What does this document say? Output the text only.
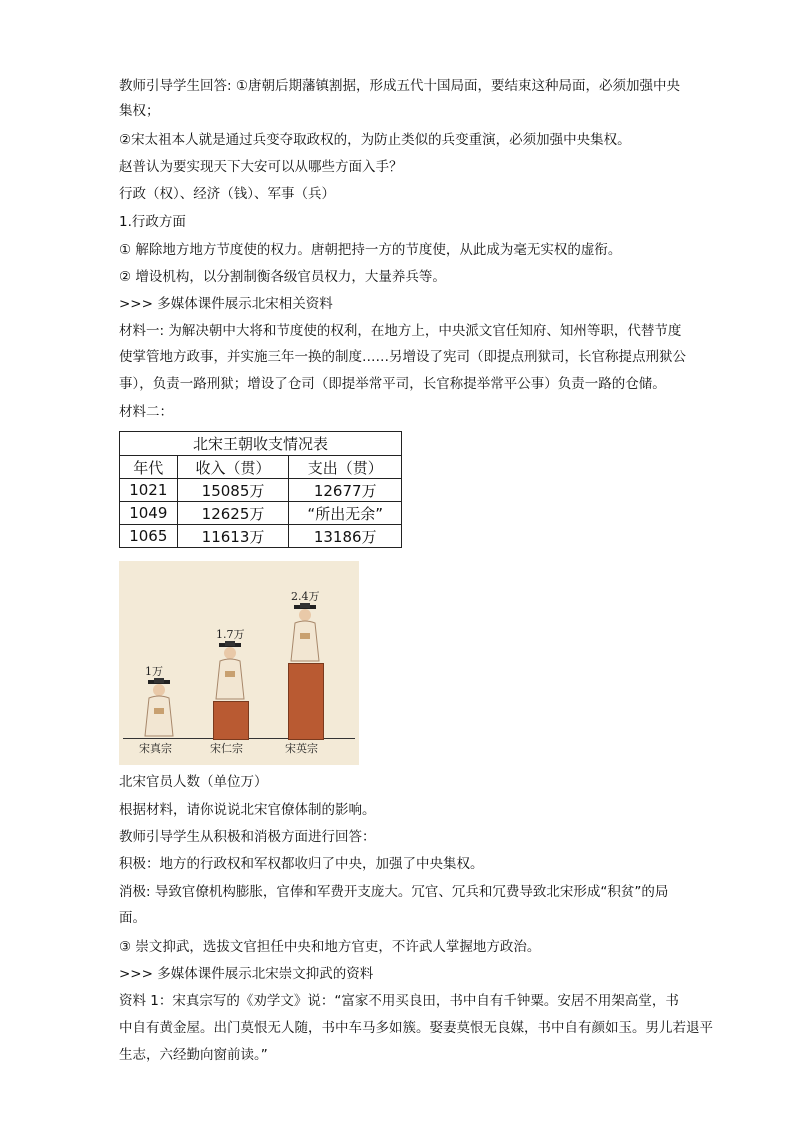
教师引导学生回答: ①唐朝后期藩镇割据，形成五代十国局面，要结束这种局面，必须加强中央
集权；
②宋太祖本人就是通过兵变夺取政权的，为防止类似的兵变重演，必须加强中央集权。
赵普认为要实现天下大安可以从哪些方面入手？
行政（权）、经济（钱）、军事（兵）
1.行政方面
① 解除地方地方节度使的权力。唐朝把持一方的节度使，从此成为毫无实权的虚衔。
② 增设机构，以分割制衡各级官员权力，大量养兵等。
>>> 多媒体课件展示北宋相关资料
材料一: 为解决朝中大将和节度使的权利，在地方上，中央派文官任知府、知州等职，代替节度
使掌管地方政事，并实施三年一换的制度……另增设了宪司（即提点刑狱司，长官称提点刑狱公
事），负责一路刑狱；增设了仓司（即提举常平司，长官称提举常平公事）负责一路的仓储。
材料二：
北宋王朝收支情况表		
年代	收入（贯）	支出（贯）
1021	15085万	12677万
1049	12625万	“所出无余”
1065	11613万	13186万
1万
宋真宗
1.7万
宋仁宗
2.4万
宋英宗
北宋官员人数（单位万）
根据材料，请你说说北宋官僚体制的影响。
教师引导学生从积极和消极方面进行回答：
积极：地方的行政权和军权都收归了中央，加强了中央集权。
消极: 导致官僚机构膨胀，官俸和军费开支庞大。冗官、冗兵和冗费导致北宋形成“积贫”的局
面。
③ 崇文抑武，选拔文官担任中央和地方官吏，不许武人掌握地方政治。
>>> 多媒体课件展示北宋崇文抑武的资料
资料 1：宋真宗写的《劝学文》说：“富家不用买良田，书中自有千钟粟。安居不用架高堂，书
中自有黄金屋。出门莫恨无人随，书中车马多如簇。娶妻莫恨无良媒，书中自有颜如玉。男儿若退平
生志，六经勤向窗前读。”
